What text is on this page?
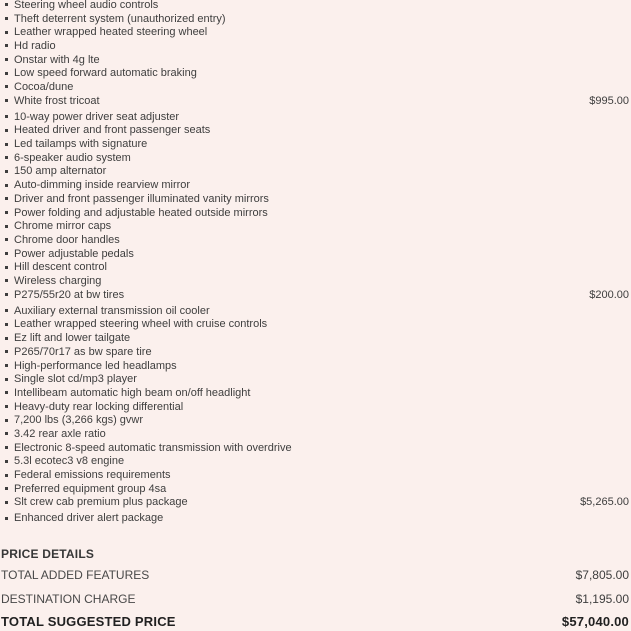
Steering wheel audio controls
Theft deterrent system (unauthorized entry)
Leather wrapped heated steering wheel
Hd radio
Onstar with 4g lte
Low speed forward automatic braking
Cocoa/dune
White frost tricoat	$995.00
10-way power driver seat adjuster
Heated driver and front passenger seats
Led tailamps with signature
6-speaker audio system
150 amp alternator
Auto-dimming inside rearview mirror
Driver and front passenger illuminated vanity mirrors
Power folding and adjustable heated outside mirrors
Chrome mirror caps
Chrome door handles
Power adjustable pedals
Hill descent control
Wireless charging
P275/55r20 at bw tires	$200.00
Auxiliary external transmission oil cooler
Leather wrapped steering wheel with cruise controls
Ez lift and lower tailgate
P265/70r17 as bw spare tire
High-performance led headlamps
Single slot cd/mp3 player
Intellibeam automatic high beam on/off headlight
Heavy-duty rear locking differential
7,200 lbs (3,266 kgs) gvwr
3.42 rear axle ratio
Electronic 8-speed automatic transmission with overdrive
5.3l ecotec3 v8 engine
Federal emissions requirements
Preferred equipment group 4sa
Slt crew cab premium plus package	$5,265.00
Enhanced driver alert package
PRICE DETAILS
TOTAL ADDED FEATURES	$7,805.00
DESTINATION CHARGE	$1,195.00
TOTAL SUGGESTED PRICE	$57,040.00
